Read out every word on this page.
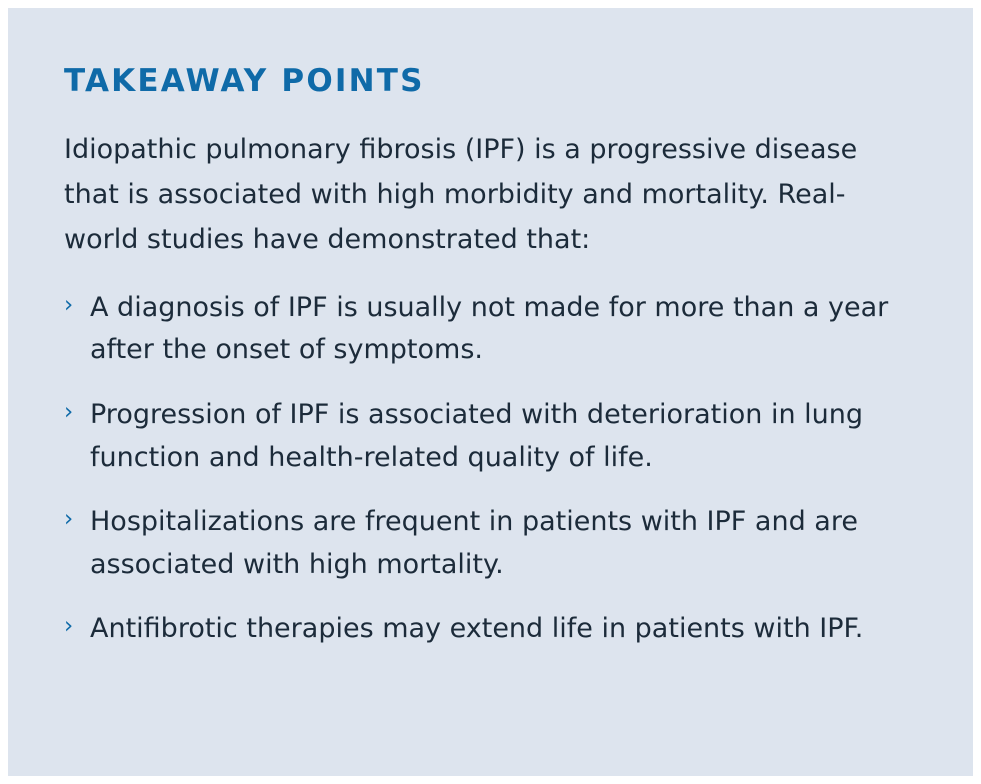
TAKEAWAY POINTS

Idiopathic pulmonary fibrosis (IPF) is a progressive disease that is associated with high morbidity and mortality. Real-world studies have demonstrated that:

› A diagnosis of IPF is usually not made for more than a year after the onset of symptoms.
› Progression of IPF is associated with deterioration in lung function and health-related quality of life.
› Hospitalizations are frequent in patients with IPF and are associated with high mortality.
› Antifibrotic therapies may extend life in patients with IPF.
